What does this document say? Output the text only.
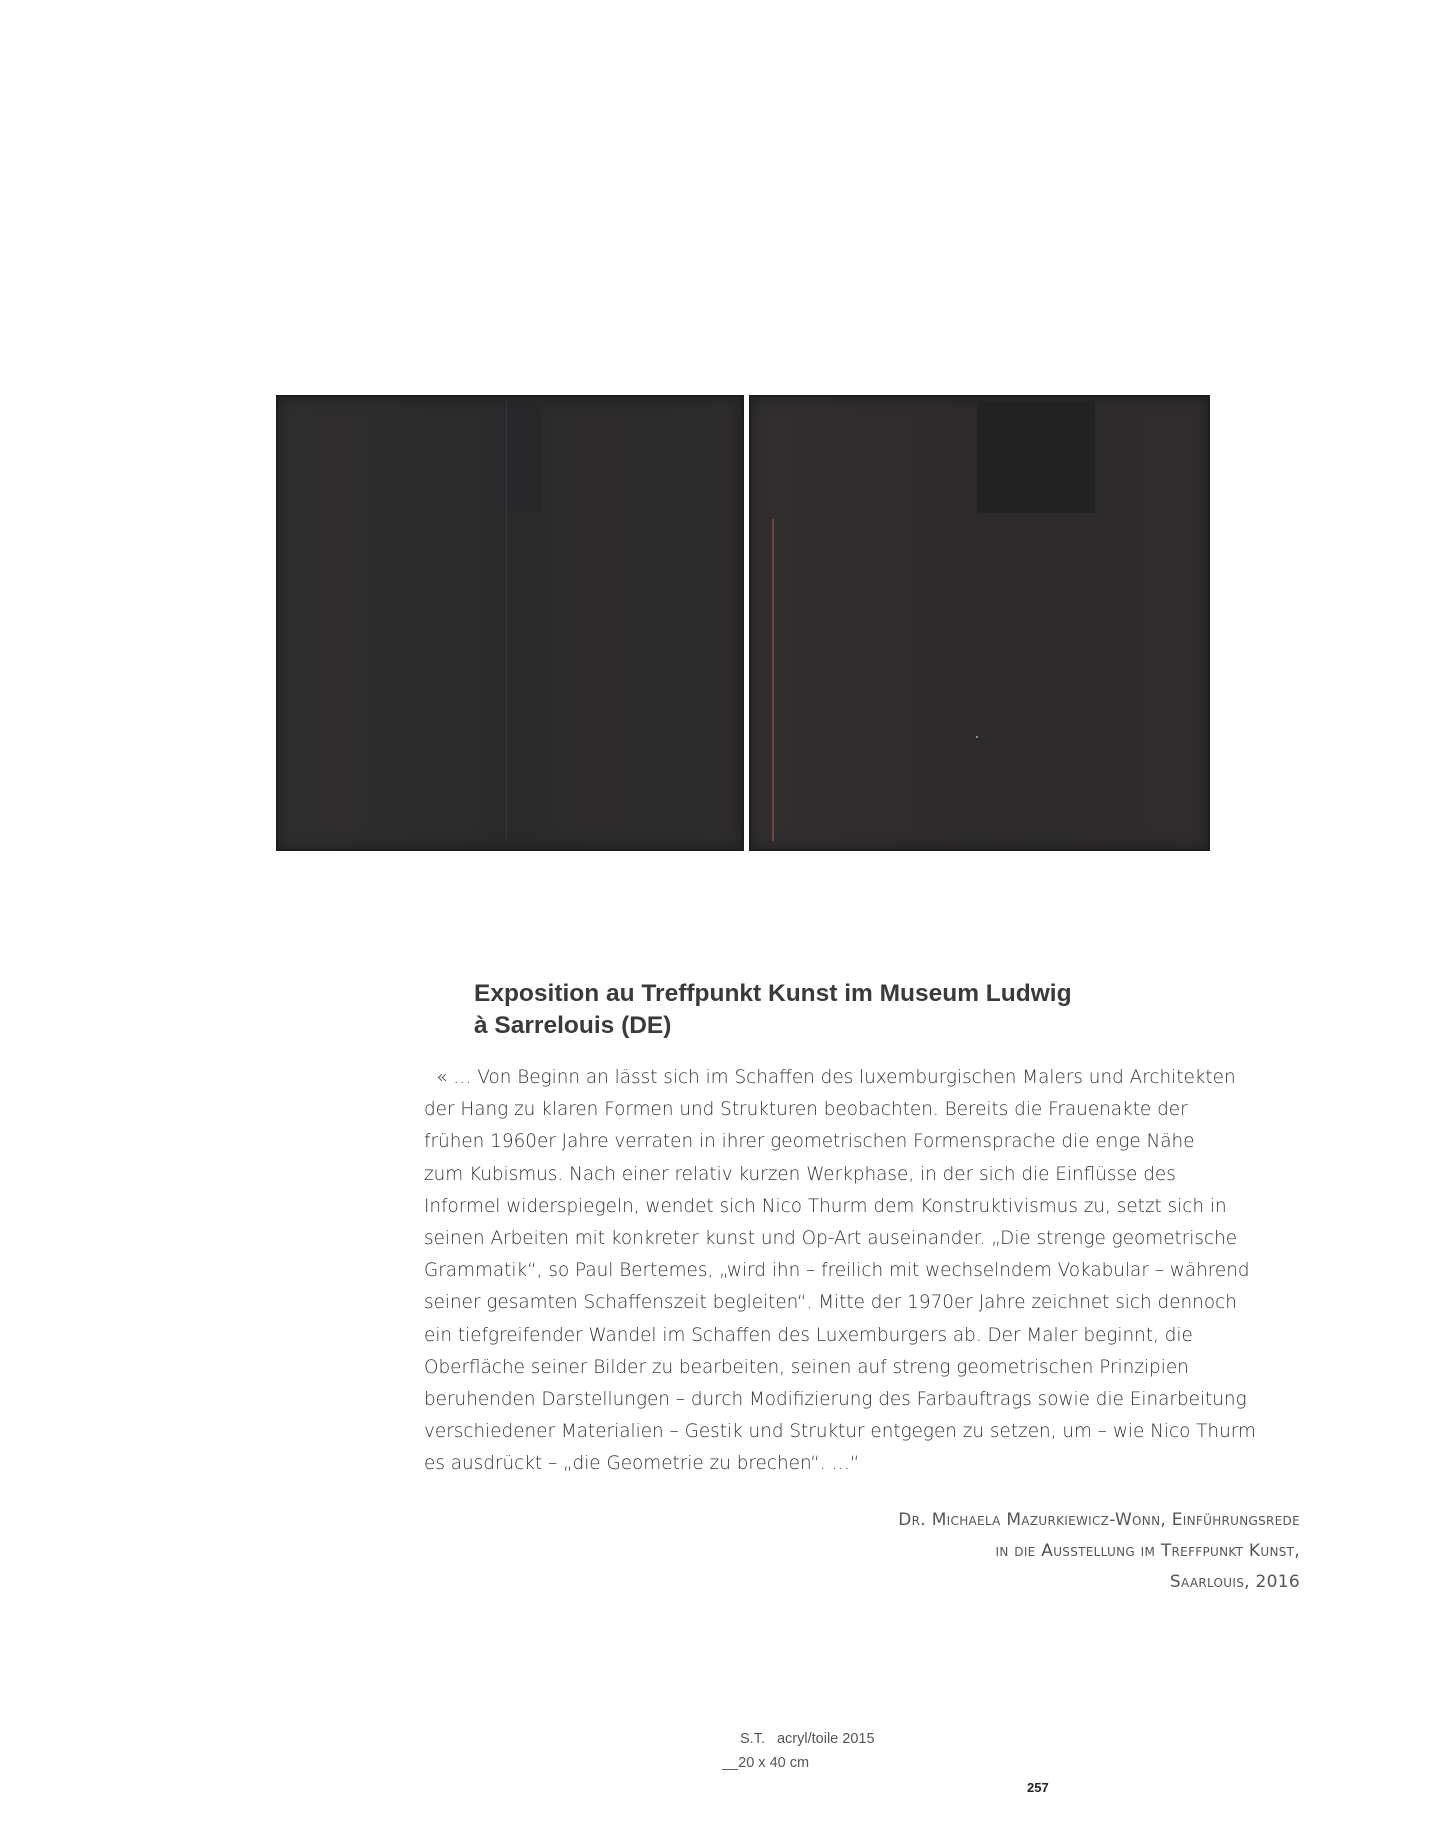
Exposition au Treffpunkt Kunst im Museum Ludwig
à Sarrelouis (DE)
« … Von Beginn an lässt sich im Schaffen des luxemburgischen Malers und Architekten
der Hang zu klaren Formen und Strukturen beobachten. Bereits die Frauenakte der
frühen 1960er Jahre verraten in ihrer geometrischen Formensprache die enge Nähe
zum Kubismus. Nach einer relativ kurzen Werkphase, in der sich die Einflüsse des
Informel widerspiegeln, wendet sich Nico Thurm dem Konstruktivismus zu, setzt sich in
seinen Arbeiten mit konkreter kunst und Op-Art auseinander. „Die strenge geometrische
Grammatik“, so Paul Bertemes, „wird ihn – freilich mit wechselndem Vokabular – während
seiner gesamten Schaffenszeit begleiten“. Mitte der 1970er Jahre zeichnet sich dennoch
ein tiefgreifender Wandel im Schaffen des Luxemburgers ab. Der Maler beginnt, die
Oberfläche seiner Bilder zu bearbeiten, seinen auf streng geometrischen Prinzipien
beruhenden Darstellungen – durch Modifizierung des Farbauftrags sowie die Einarbeitung
verschiedener Materialien – Gestik und Struktur entgegen zu setzen, um – wie Nico Thurm
es ausdrückt – „die Geometrie zu brechen“. …“
Dr. Michaela Mazurkiewicz-Wonn, Einführungsrede
in die Ausstellung im Treffpunkt Kunst,
Saarlouis, 2016
S.T. acryl/toile 2015
__20 x 40 cm
257
